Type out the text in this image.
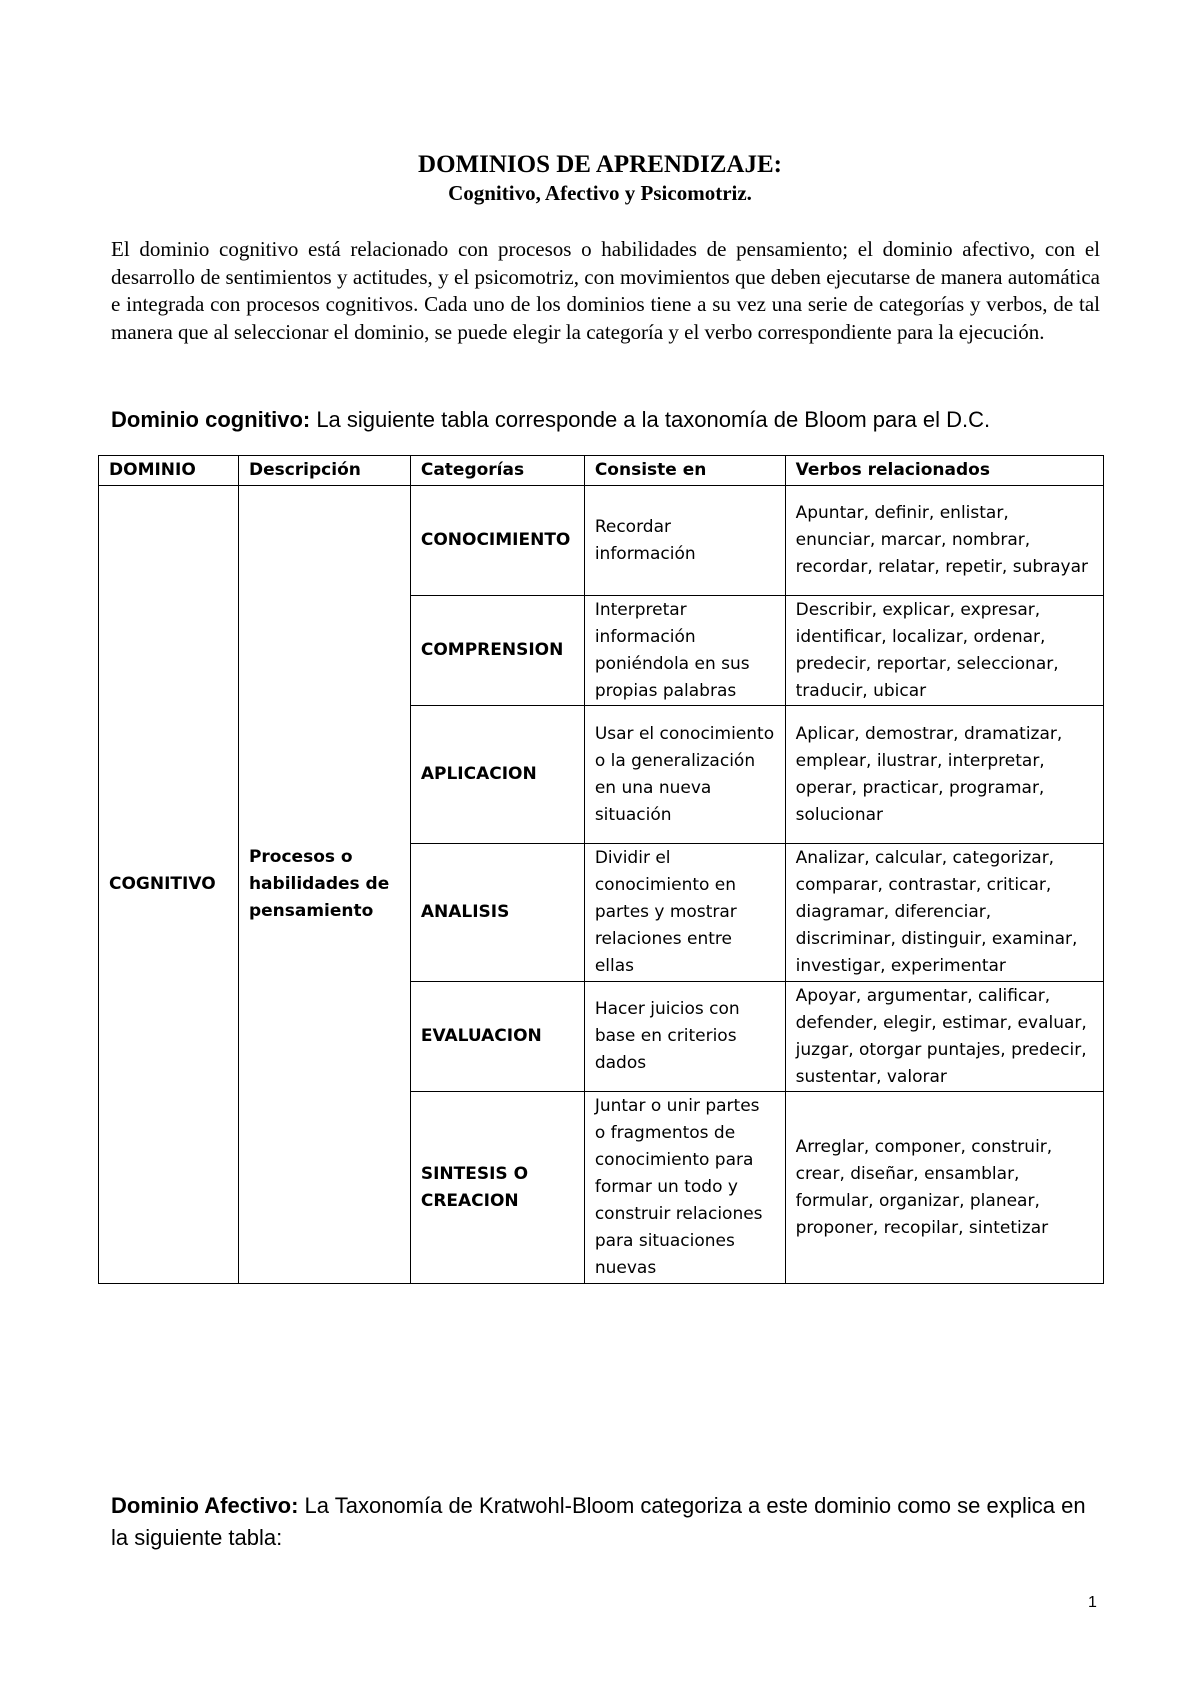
DOMINIOS DE APRENDIZAJE:
Cognitivo, Afectivo y Psicomotriz.

El dominio cognitivo está relacionado con procesos o habilidades de pensamiento; el dominio afectivo, con el desarrollo de sentimientos y actitudes, y el psicomotriz, con movimientos que deben ejecutarse de manera automática e integrada con procesos cognitivos. Cada uno de los dominios tiene a su vez una serie de categorías y verbos, de tal manera que al seleccionar el dominio, se puede elegir la categoría y el verbo correspondiente para la ejecución.

Dominio cognitivo: La siguiente tabla corresponde a la taxonomía de Bloom para el D.C.

DOMINIO	Descripción	Categorías	Consiste en	Verbos relacionados
COGNITIVO	Procesos o habilidades de pensamiento	CONOCIMIENTO	Recordar información	Apuntar, definir, enlistar, enunciar, marcar, nombrar, recordar, relatar, repetir, subrayar
		COMPRENSION	Interpretar información poniéndola en sus propias palabras	Describir, explicar, expresar, identificar, localizar, ordenar, predecir, reportar, seleccionar, traducir, ubicar
		APLICACION	Usar el conocimiento o la generalización en una nueva situación	Aplicar, demostrar, dramatizar, emplear, ilustrar, interpretar, operar, practicar, programar, solucionar
		ANALISIS	Dividir el conocimiento en partes y mostrar relaciones entre ellas	Analizar, calcular, categorizar, comparar, contrastar, criticar, diagramar, diferenciar, discriminar, distinguir, examinar, investigar, experimentar
		EVALUACION	Hacer juicios con base en criterios dados	Apoyar, argumentar, calificar, defender, elegir, estimar, evaluar, juzgar, otorgar puntajes, predecir, sustentar, valorar
		SINTESIS O CREACION	Juntar o unir partes o fragmentos de conocimiento para formar un todo y construir relaciones para situaciones nuevas	Arreglar, componer, construir, crear, diseñar, ensamblar, formular, organizar, planear, proponer, recopilar, sintetizar

Dominio Afectivo: La Taxonomía de Kratwohl-Bloom categoriza a este dominio como se explica en la siguiente tabla:

1
